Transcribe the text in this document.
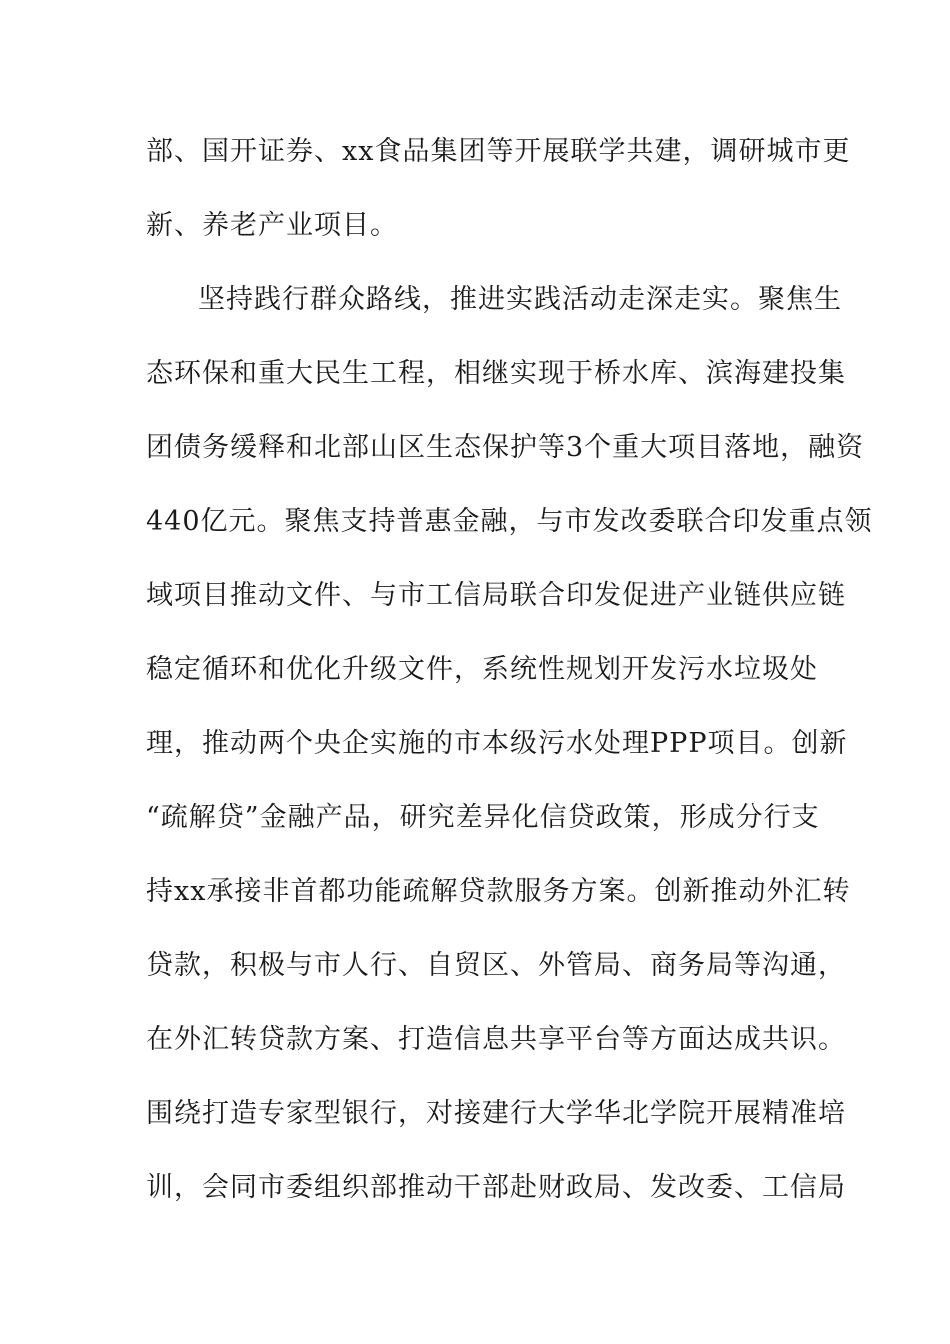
部、国开证券、xx食品集团等开展联学共建，调研城市更
新、养老产业项目。
坚持践行群众路线，推进实践活动走深走实。聚焦生
态环保和重大民生工程，相继实现于桥水库、滨海建投集
团债务缓释和北部山区生态保护等3个重大项目落地，融资
440亿元。聚焦支持普惠金融，与市发改委联合印发重点领
域项目推动文件、与市工信局联合印发促进产业链供应链
稳定循环和优化升级文件，系统性规划开发污水垃圾处
理，推动两个央企实施的市本级污水处理PPP项目。创新
“疏解贷”金融产品，研究差异化信贷政策，形成分行支
持xx承接非首都功能疏解贷款服务方案。创新推动外汇转
贷款，积极与市人行、自贸区、外管局、商务局等沟通，
在外汇转贷款方案、打造信息共享平台等方面达成共识。
围绕打造专家型银行，对接建行大学华北学院开展精准培
训，会同市委组织部推动干部赴财政局、发改委、工信局
